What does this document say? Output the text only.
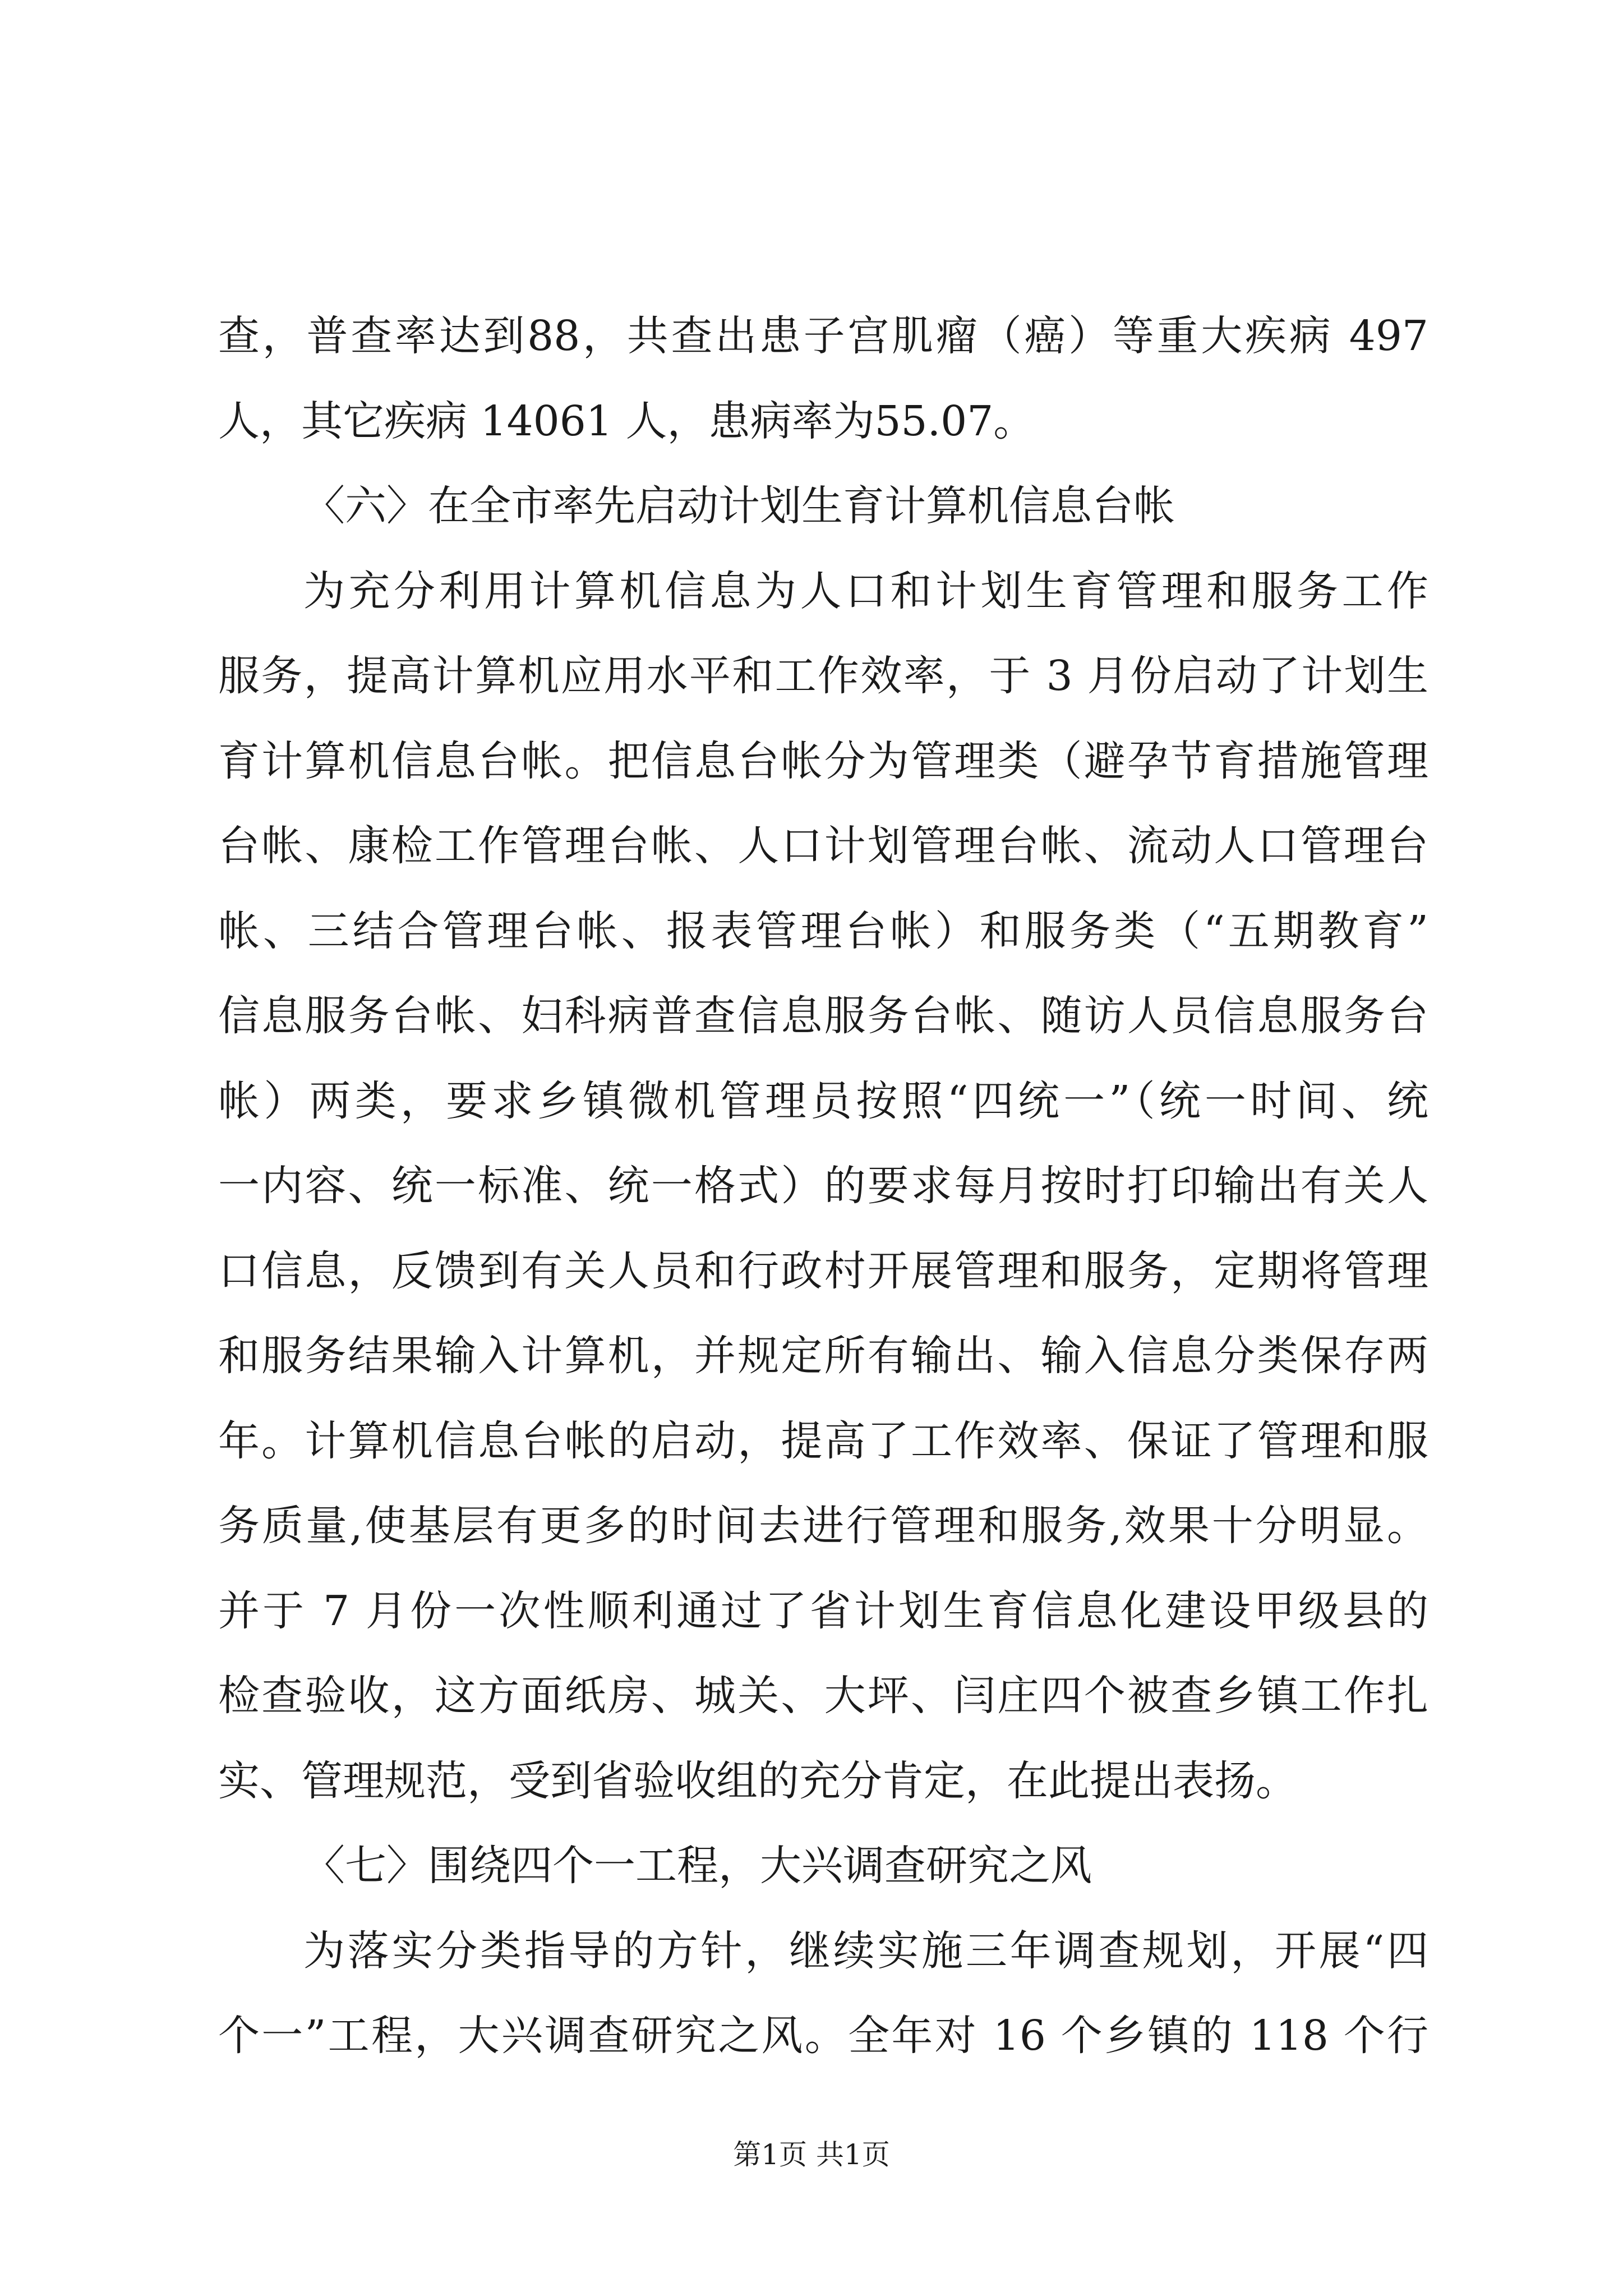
查，普查率达到88，共查出患子宫肌瘤（癌）等重大疾病 497
人，其它疾病 14061 人，患病率为55.07。
〈六〉在全市率先启动计划生育计算机信息台帐
为充分利用计算机信息为人口和计划生育管理和服务工作
服务，提高计算机应用水平和工作效率，于 3 月份启动了计划生
育计算机信息台帐。把信息台帐分为管理类（避孕节育措施管理
台帐、康检工作管理台帐、人口计划管理台帐、流动人口管理台
帐、三结合管理台帐、报表管理台帐）和服务类（“五期教育”
信息服务台帐、妇科病普查信息服务台帐、随访人员信息服务台
帐）两类，要求乡镇微机管理员按照“四统一”（统一时间、统
一内容、统一标准、统一格式）的要求每月按时打印输出有关人
口信息，反馈到有关人员和行政村开展管理和服务，定期将管理
和服务结果输入计算机，并规定所有输出、输入信息分类保存两
年。计算机信息台帐的启动，提高了工作效率、保证了管理和服
务质量,使基层有更多的时间去进行管理和服务,效果十分明显。
并于 7 月份一次性顺利通过了省计划生育信息化建设甲级县的
检查验收，这方面纸房、城关、大坪、闫庄四个被查乡镇工作扎
实、管理规范，受到省验收组的充分肯定，在此提出表扬。
〈七〉围绕四个一工程，大兴调查研究之风
为落实分类指导的方针，继续实施三年调查规划，开展“四
个一”工程，大兴调查研究之风。全年对 16 个乡镇的 118 个行
第1页 共1页
